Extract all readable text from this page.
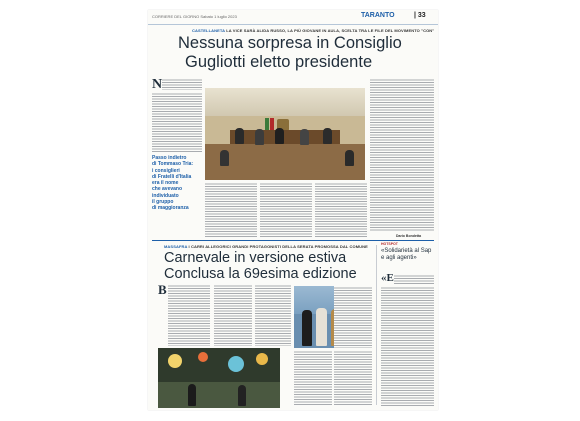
CORRIERE DEL GIORNO Sabato 1 luglio 2023	TARANTO	| 33
CASTELLANETA LA VICE SARÀ ALIDA RUSSO, LA PIÙ GIOVANE IN AULA, SCELTA TRA LE FILE DEL MOVIMENTO "CON"
Nessuna sorpresa in Consiglio
Gugliotti eletto presidente
N
Passo indietro
di Tommaso Tria:
i consiglieri
di Fratelli d'Italia
era il nome
che avevano
individuato
il gruppo
di maggioranza
Dario Bondetta
MASSAFRA I CARRI ALLEGORICI GRANDI PROTAGONISTI DELLA SERATA PROMOSSA DAL COMUNE
Carnevale in versione estiva
Conclusa la 69esima edizione
B
HOTSPOT
«Solidarietà al Sap e agli agenti»
«E
